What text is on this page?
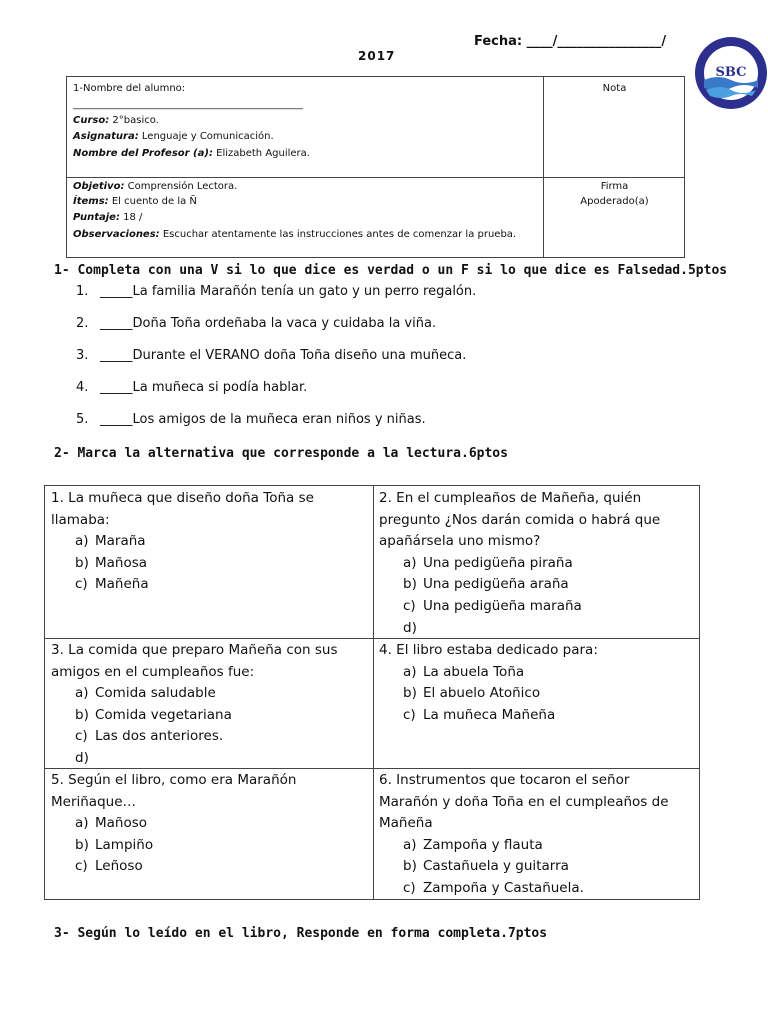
Fecha: ____/________________/
2017
SBC
1-Nombre del alumno:
______________________________________________
Curso: 2°basico.
Asignatura: Lenguaje y Comunicación.
Nombre del Profesor (a): Elizabeth Aguilera.
Nota
Objetivo: Comprensión Lectora.
Ítems: El cuento de la Ñ
Puntaje: 18 /
Observaciones: Escuchar atentamente las instrucciones antes de comenzar la prueba.
Firma
Apoderado(a)
1- Completa con una V si lo que dice es verdad o un F si lo que dice es Falsedad.5ptos
1. _____La familia Marañón tenía un gato y un perro regalón.
2. _____Doña Toña ordeñaba la vaca y cuidaba la viña.
3. _____Durante el VERANO doña Toña diseño una muñeca.
4. _____La muñeca si podía hablar.
5. _____Los amigos de la muñeca eran niños y niñas.
2- Marca la alternativa que corresponde a la lectura.6ptos
1. La muñeca que diseño doña Toña se
llamaba:
a) Maraña
b) Mañosa
c) Mañeña
2. En el cumpleaños de Mañeña, quién
pregunto ¿Nos darán comida o habrá que
apañársela uno mismo?
a) Una pedigüeña piraña
b) Una pedigüeña araña
c) Una pedigüeña maraña
d)
3. La comida que preparo Mañeña con sus
amigos en el cumpleaños fue:
a) Comida saludable
b) Comida vegetariana
c) Las dos anteriores.
d)
4. El libro estaba dedicado para:
a) La abuela Toña
b) El abuelo Atoñico
c) La muñeca Mañeña
5. Según el libro, como era Marañón
Meriñaque…
a) Mañoso
b) Lampiño
c) Leñoso
6. Instrumentos que tocaron el señor
Marañón y doña Toña en el cumpleaños de
Mañeña
a) Zampoña y flauta
b) Castañuela y guitarra
c) Zampoña y Castañuela.
3- Según lo leído en el libro, Responde en forma completa.7ptos
